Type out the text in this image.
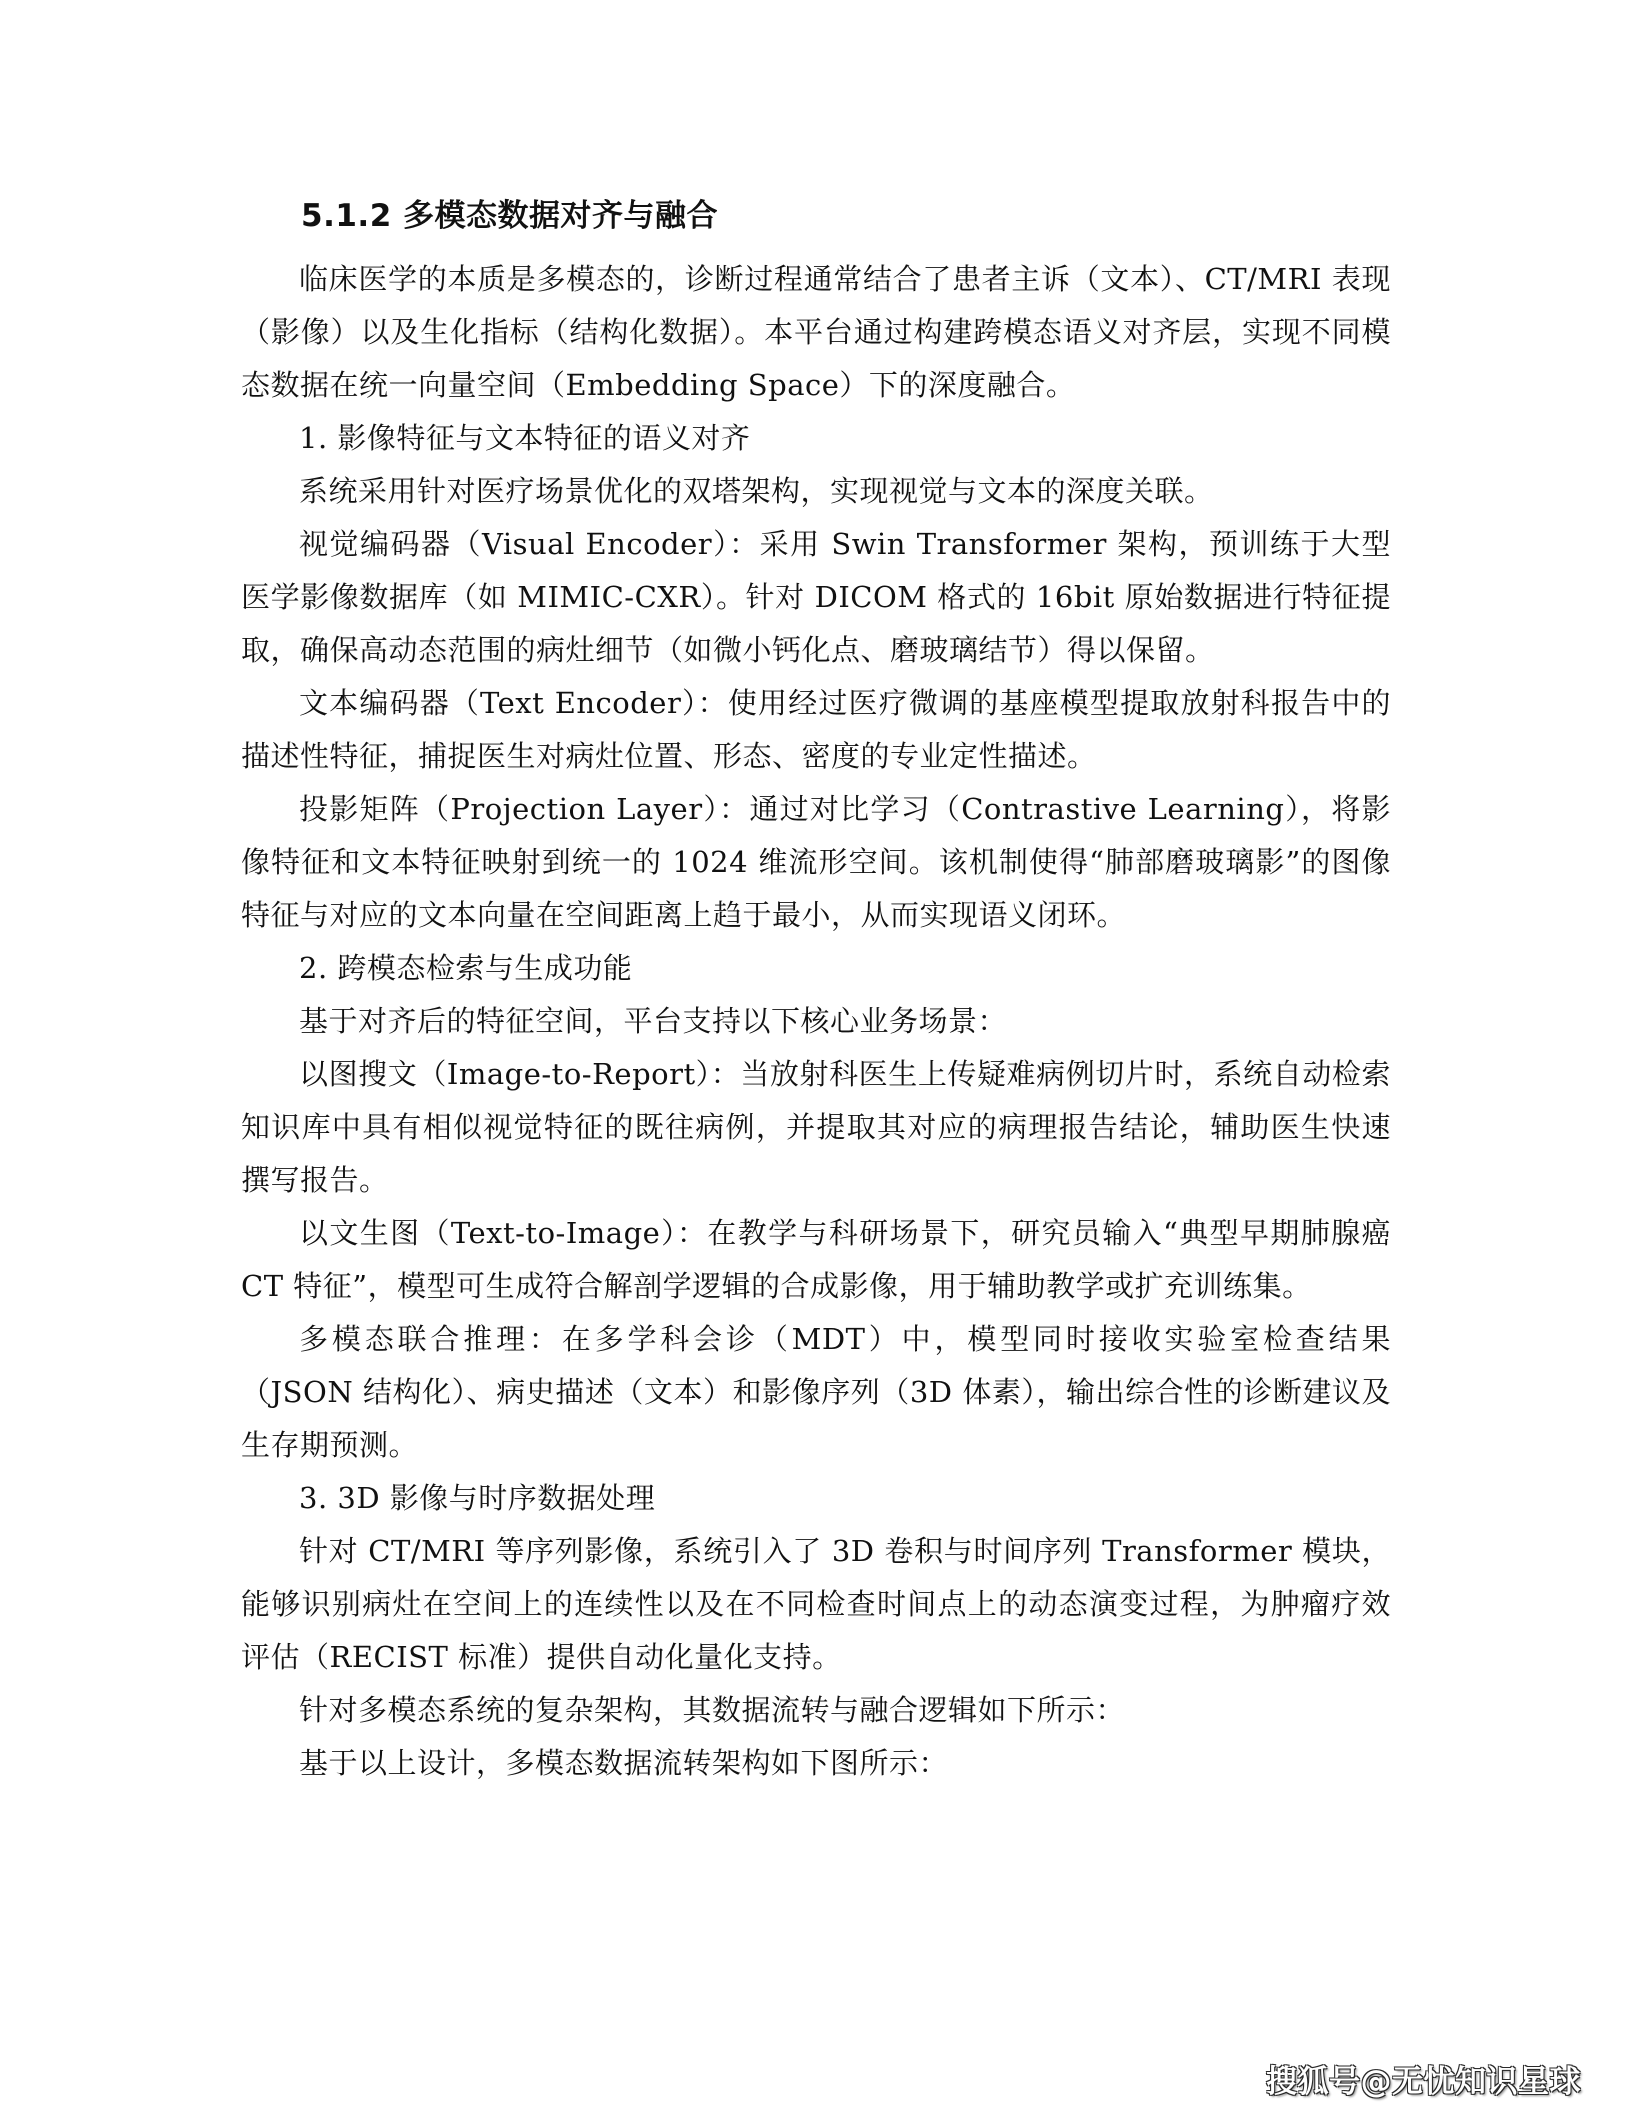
5.1.2 多模态数据对齐与融合

临床医学的本质是多模态的，诊断过程通常结合了患者主诉（文本）、CT/MRI 表现（影像）以及生化指标（结构化数据）。本平台通过构建跨模态语义对齐层，实现不同模态数据在统一向量空间（Embedding Space）下的深度融合。

1. 影像特征与文本特征的语义对齐

系统采用针对医疗场景优化的双塔架构，实现视觉与文本的深度关联。

视觉编码器（Visual Encoder）：采用 Swin Transformer 架构，预训练于大型医学影像数据库（如 MIMIC-CXR）。针对 DICOM 格式的 16bit 原始数据进行特征提取，确保高动态范围的病灶细节（如微小钙化点、磨玻璃结节）得以保留。

文本编码器（Text Encoder）：使用经过医疗微调的基座模型提取放射科报告中的描述性特征，捕捉医生对病灶位置、形态、密度的专业定性描述。

投影矩阵（Projection Layer）：通过对比学习（Contrastive Learning），将影像特征和文本特征映射到统一的 1024 维流形空间。该机制使得“肺部磨玻璃影”的图像特征与对应的文本向量在空间距离上趋于最小，从而实现语义闭环。

2. 跨模态检索与生成功能

基于对齐后的特征空间，平台支持以下核心业务场景：

以图搜文（Image-to-Report）：当放射科医生上传疑难病例切片时，系统自动检索知识库中具有相似视觉特征的既往病例，并提取其对应的病理报告结论，辅助医生快速撰写报告。

以文生图（Text-to-Image）：在教学与科研场景下，研究员输入“典型早期肺腺癌 CT 特征”，模型可生成符合解剖学逻辑的合成影像，用于辅助教学或扩充训练集。

多模态联合推理：在多学科会诊（MDT）中，模型同时接收实验室检查结果（JSON 结构化）、病史描述（文本）和影像序列（3D 体素），输出综合性的诊断建议及生存期预测。

3. 3D 影像与时序数据处理

针对 CT/MRI 等序列影像，系统引入了 3D 卷积与时间序列 Transformer 模块，能够识别病灶在空间上的连续性以及在不同检查时间点上的动态演变过程，为肿瘤疗效评估（RECIST 标准）提供自动化量化支持。

针对多模态系统的复杂架构，其数据流转与融合逻辑如下所示：

基于以上设计，多模态数据流转架构如下图所示：

搜狐号@无忧知识星球
